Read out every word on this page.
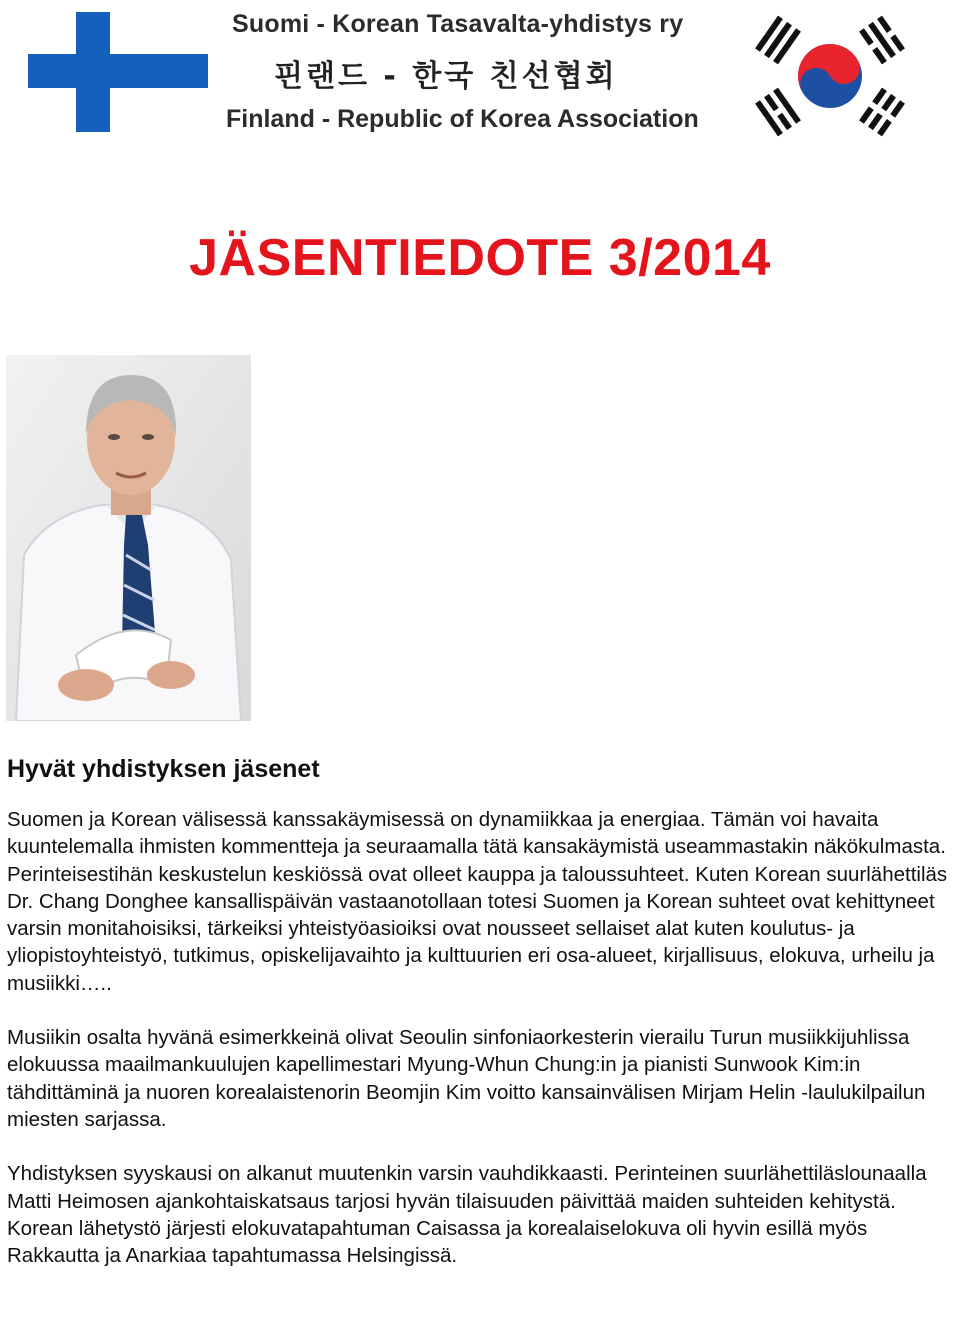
Suomi - Korean Tasavalta-yhdistys ry
핀랜드 - 한국 친선협회
Finland - Republic of Korea Association
JÄSENTIEDOTE 3/2014

Hyvät yhdistyksen jäsenet

Suomen ja Korean välisessä kanssakäymisessä on dynamiikkaa ja energiaa. Tämän voi havaita kuuntelemalla ihmisten kommentteja ja seuraamalla tätä kansakäymistä useammastakin näkökulmasta. Perinteisestihän keskustelun keskiössä ovat olleet kauppa ja taloussuhteet. Kuten Korean suurlähettiläs Dr. Chang Donghee kansallispäivän vastaanotollaan totesi Suomen ja Korean suhteet ovat kehittyneet varsin monitahoisiksi, tärkeiksi yhteistyöasioiksi ovat nousseet sellaiset alat kuten koulutus- ja yliopistoyhteistyö, tutkimus, opiskelijavaihto ja kulttuurien eri osa-alueet, kirjallisuus, elokuva, urheilu ja musiikki…..

Musiikin osalta hyvänä esimerkkeinä olivat Seoulin sinfoniaorkesterin vierailu Turun musiikkijuhlissa elokuussa maailmankuulujen kapellimestari Myung-Whun Chung:in ja pianisti Sunwook Kim:in tähdittäminä ja nuoren korealaistenorin Beomjin Kim voitto kansainvälisen Mirjam Helin -laulukilpailun miesten sarjassa.

Yhdistyksen syyskausi on alkanut muutenkin varsin vauhdikkaasti. Perinteinen suurlähettiläslounaalla Matti Heimosen ajankohtaiskatsaus tarjosi hyvän tilaisuuden päivittää maiden suhteiden kehitystä. Korean lähetystö järjesti elokuvatapahtuman Caisassa ja korealaiselokuva oli hyvin esillä myös Rakkautta ja Anarkiaa tapahtumassa Helsingissä.
